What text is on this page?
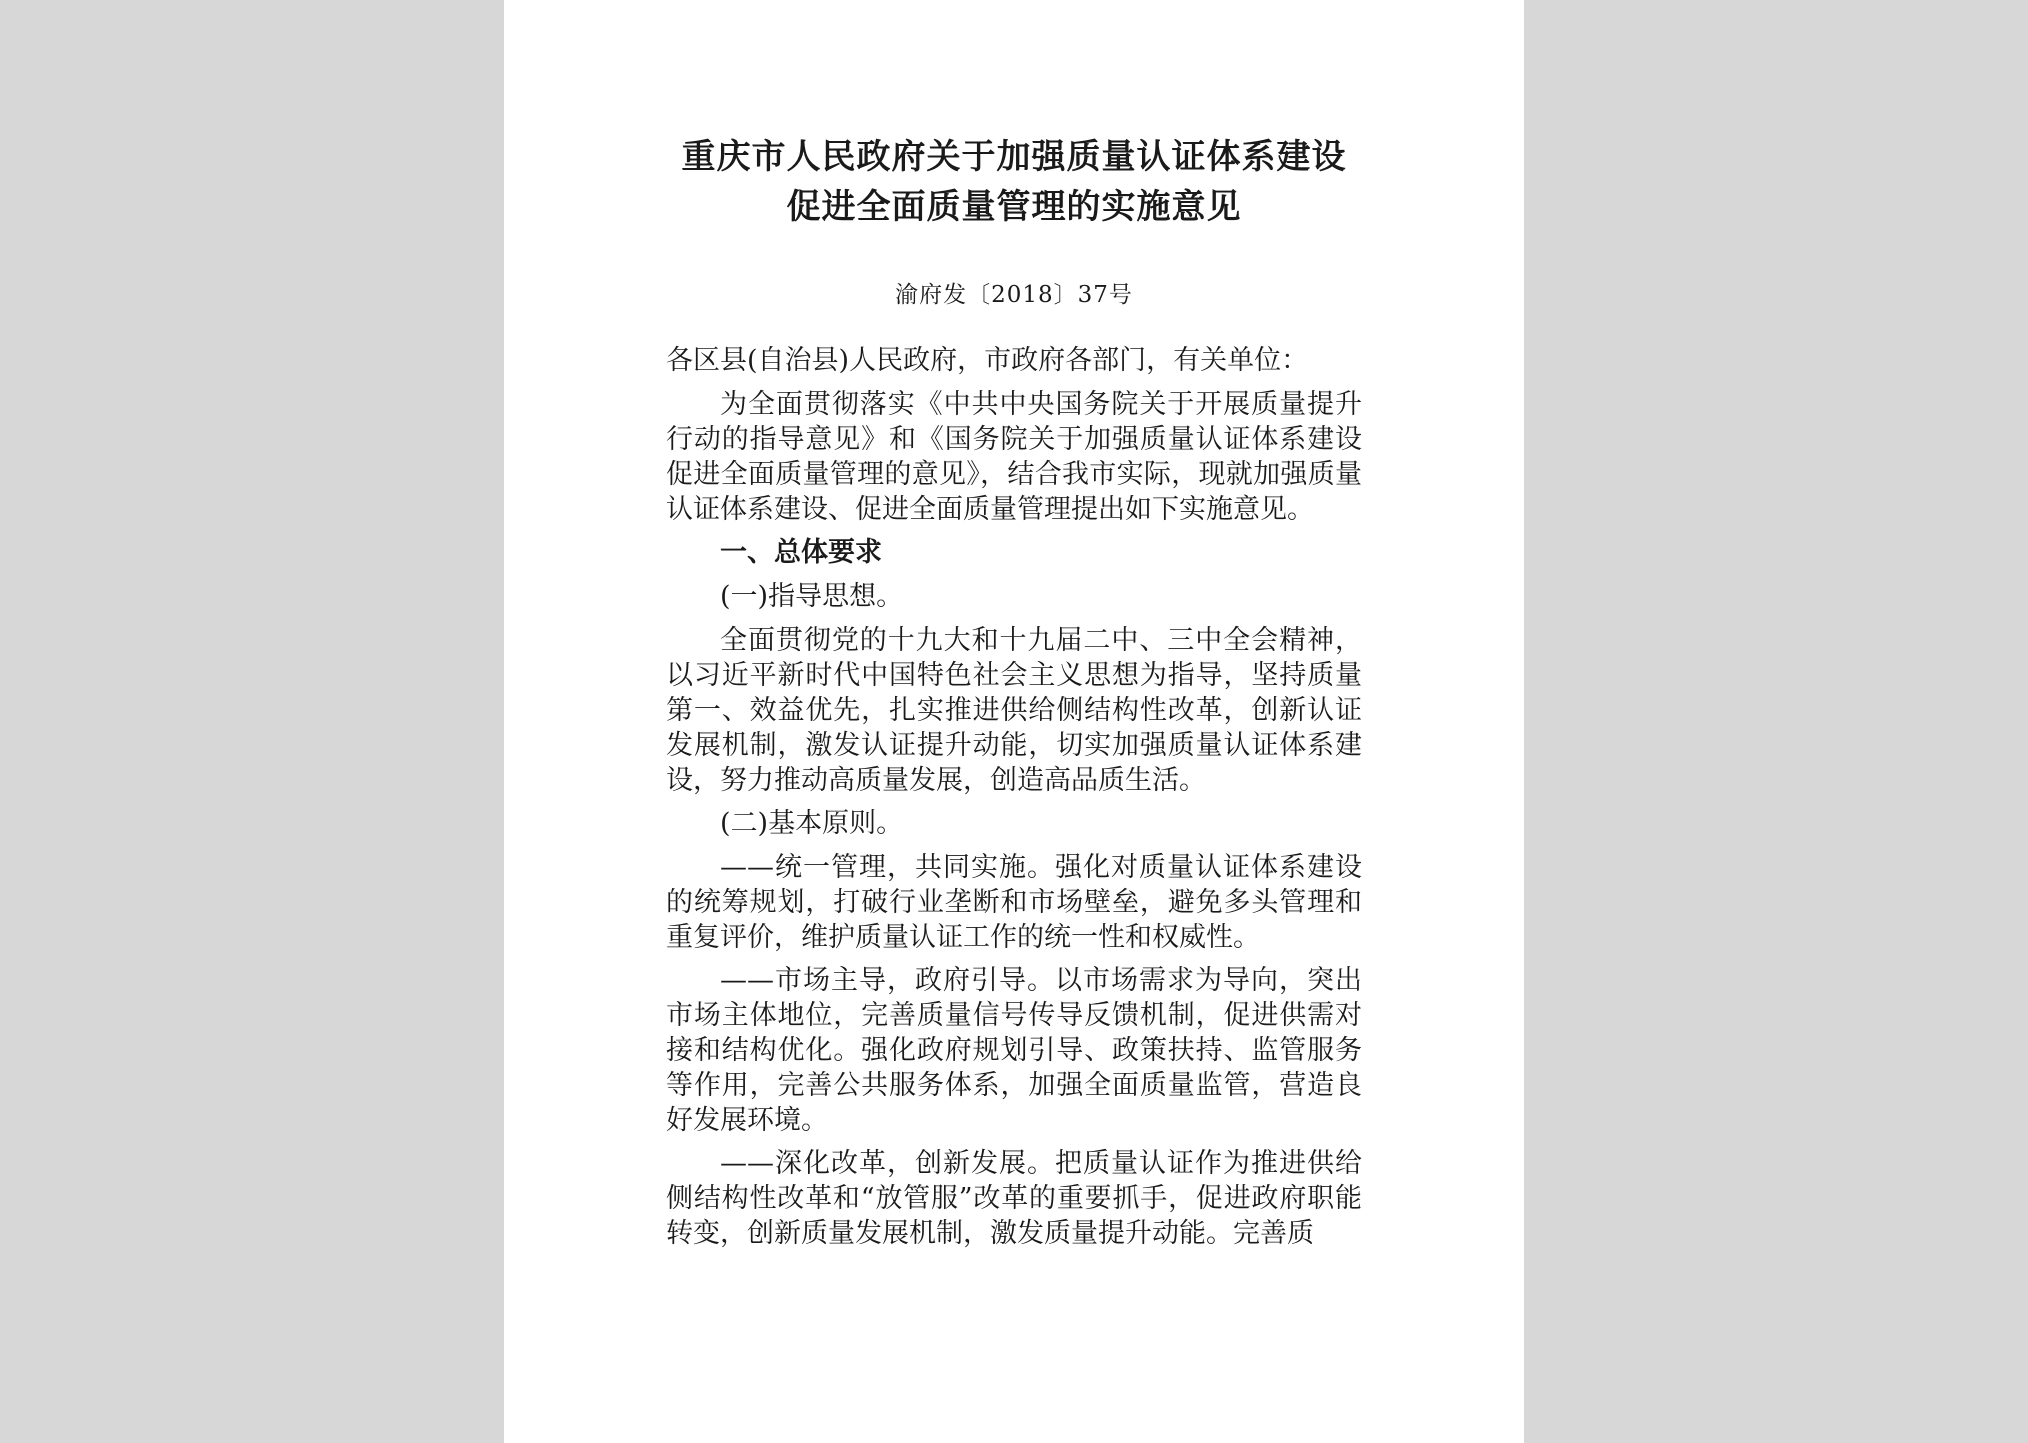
重庆市人民政府关于加强质量认证体系建设
促进全面质量管理的实施意见
渝府发〔2018〕37号

各区县(自治县)人民政府，市政府各部门，有关单位：

为全面贯彻落实《中共中央国务院关于开展质量提升行动的指导意见》和《国务院关于加强质量认证体系建设促进全面质量管理的意见》，结合我市实际，现就加强质量认证体系建设、促进全面质量管理提出如下实施意见。

一、总体要求

(一)指导思想。

全面贯彻党的十九大和十九届二中、三中全会精神，以习近平新时代中国特色社会主义思想为指导，坚持质量第一、效益优先，扎实推进供给侧结构性改革，创新认证发展机制，激发认证提升动能，切实加强质量认证体系建设，努力推动高质量发展，创造高品质生活。

(二)基本原则。

——统一管理，共同实施。强化对质量认证体系建设的统筹规划，打破行业垄断和市场壁垒，避免多头管理和重复评价，维护质量认证工作的统一性和权威性。

——市场主导，政府引导。以市场需求为导向，突出市场主体地位，完善质量信号传导反馈机制，促进供需对接和结构优化。强化政府规划引导、政策扶持、监管服务等作用，完善公共服务体系，加强全面质量监管，营造良好发展环境。

——深化改革，创新发展。把质量认证作为推进供给侧结构性改革和“放管服”改革的重要抓手，促进政府职能转变，创新质量发展机制，激发质量提升动能。完善质
